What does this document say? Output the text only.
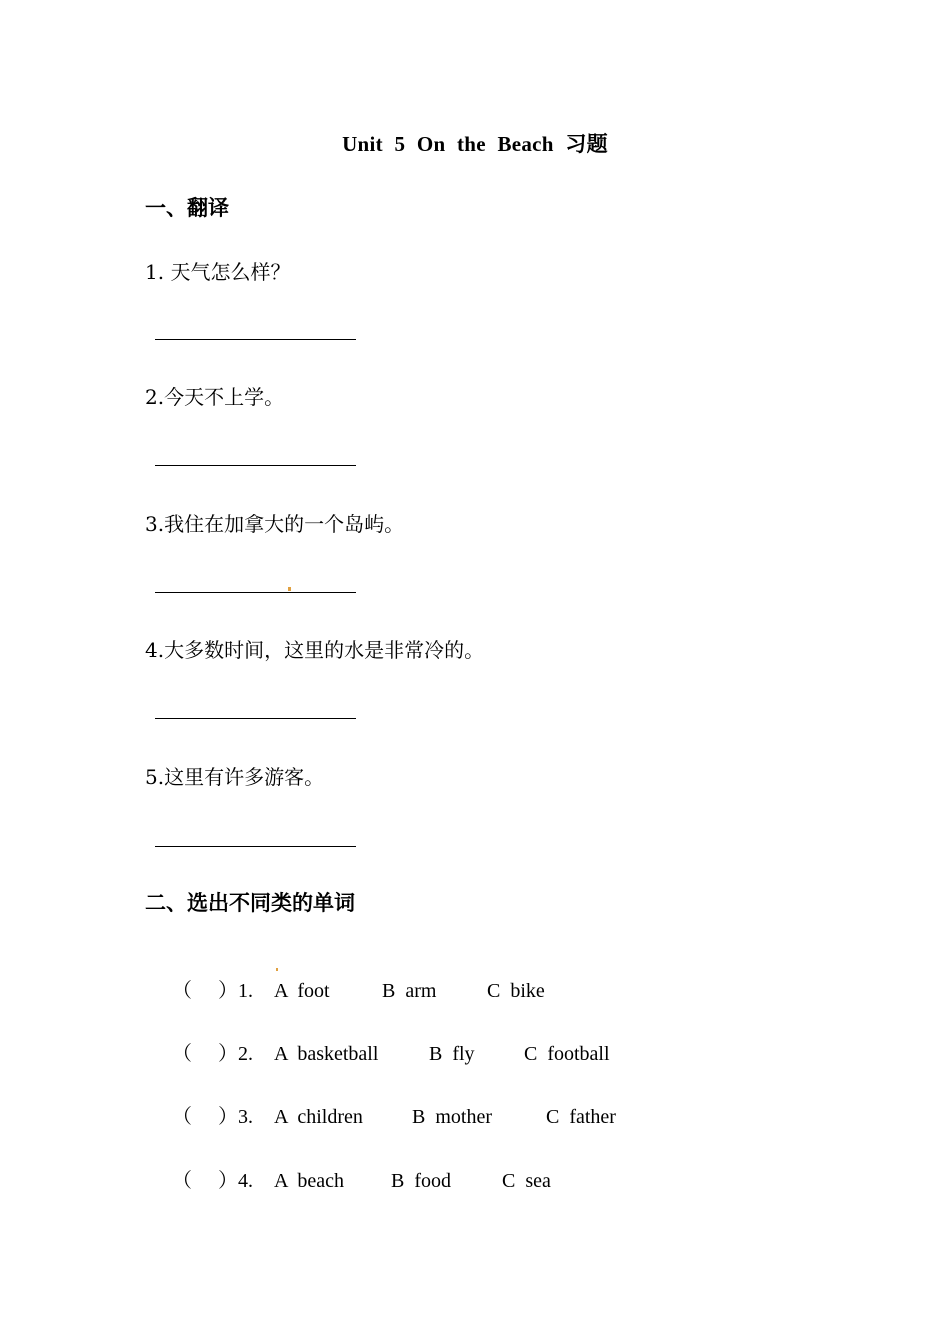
Unit 5 On the Beach 习题
一、翻译
1. 天气怎么样？
2.今天不上学。
3.我住在加拿大的一个岛屿。
4.大多数时间，这里的水是非常冷的。
5.这里有许多游客。
二、选出不同类的单词

（ ）1. A  foot	B  arm	C  bike

（ ）2. A  basketball	B  fly C  football

（ ）3. A  children B  mother	C  father

（ ）4. A  beach B  food	C  sea
